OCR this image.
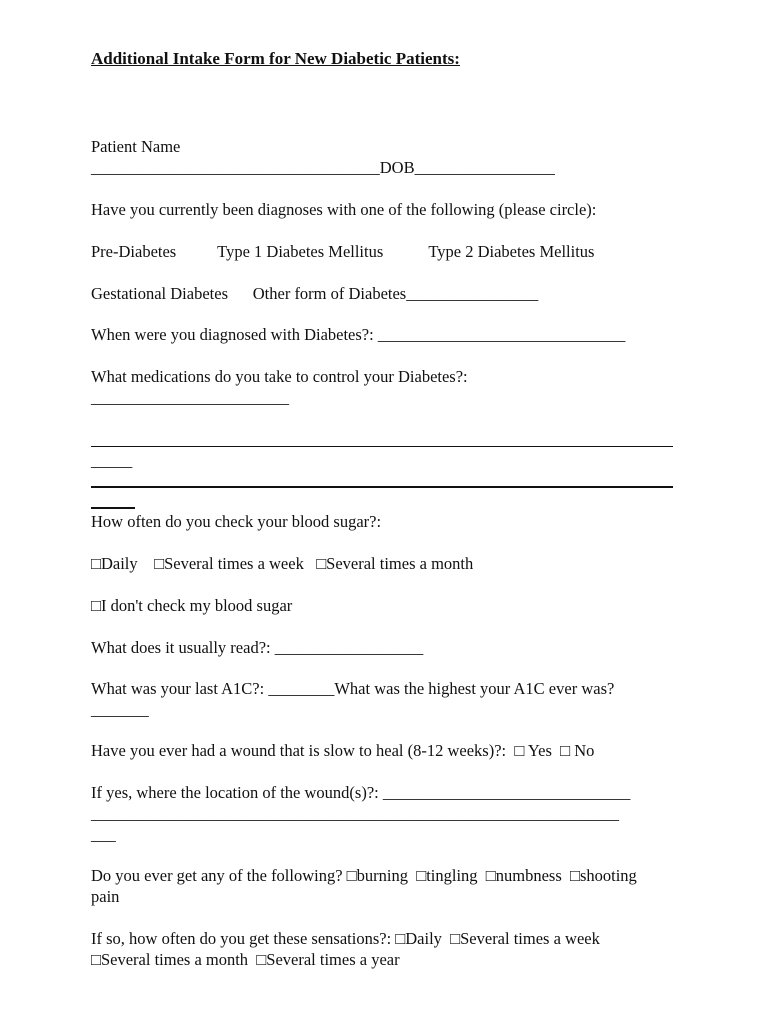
Additional Intake Form for New Diabetic Patients:
Patient Name
___________________________________DOB_________________
Have you currently been diagnoses with one of the following (please circle):
Pre-Diabetes          Type 1 Diabetes Mellitus           Type 2 Diabetes Mellitus
Gestational Diabetes      Other form of Diabetes________________
When were you diagnosed with Diabetes?: ______________________________
What medications do you take to control your Diabetes?:
________________________
_____
How often do you check your blood sugar?:
□Daily    □Several times a week   □Several times a month
□I don't check my blood sugar
What does it usually read?: __________________
What was your last A1C?: ________What was the highest your A1C ever was?
_______
Have you ever had a wound that is slow to heal (8-12 weeks)?:  □ Yes  □ No
If yes, where the location of the wound(s)?: ______________________________
________________________________________________________________
___
Do you ever get any of the following? □burning  □tingling  □numbness  □shooting
pain
If so, how often do you get these sensations?: □Daily  □Several times a week
□Several times a month  □Several times a year
